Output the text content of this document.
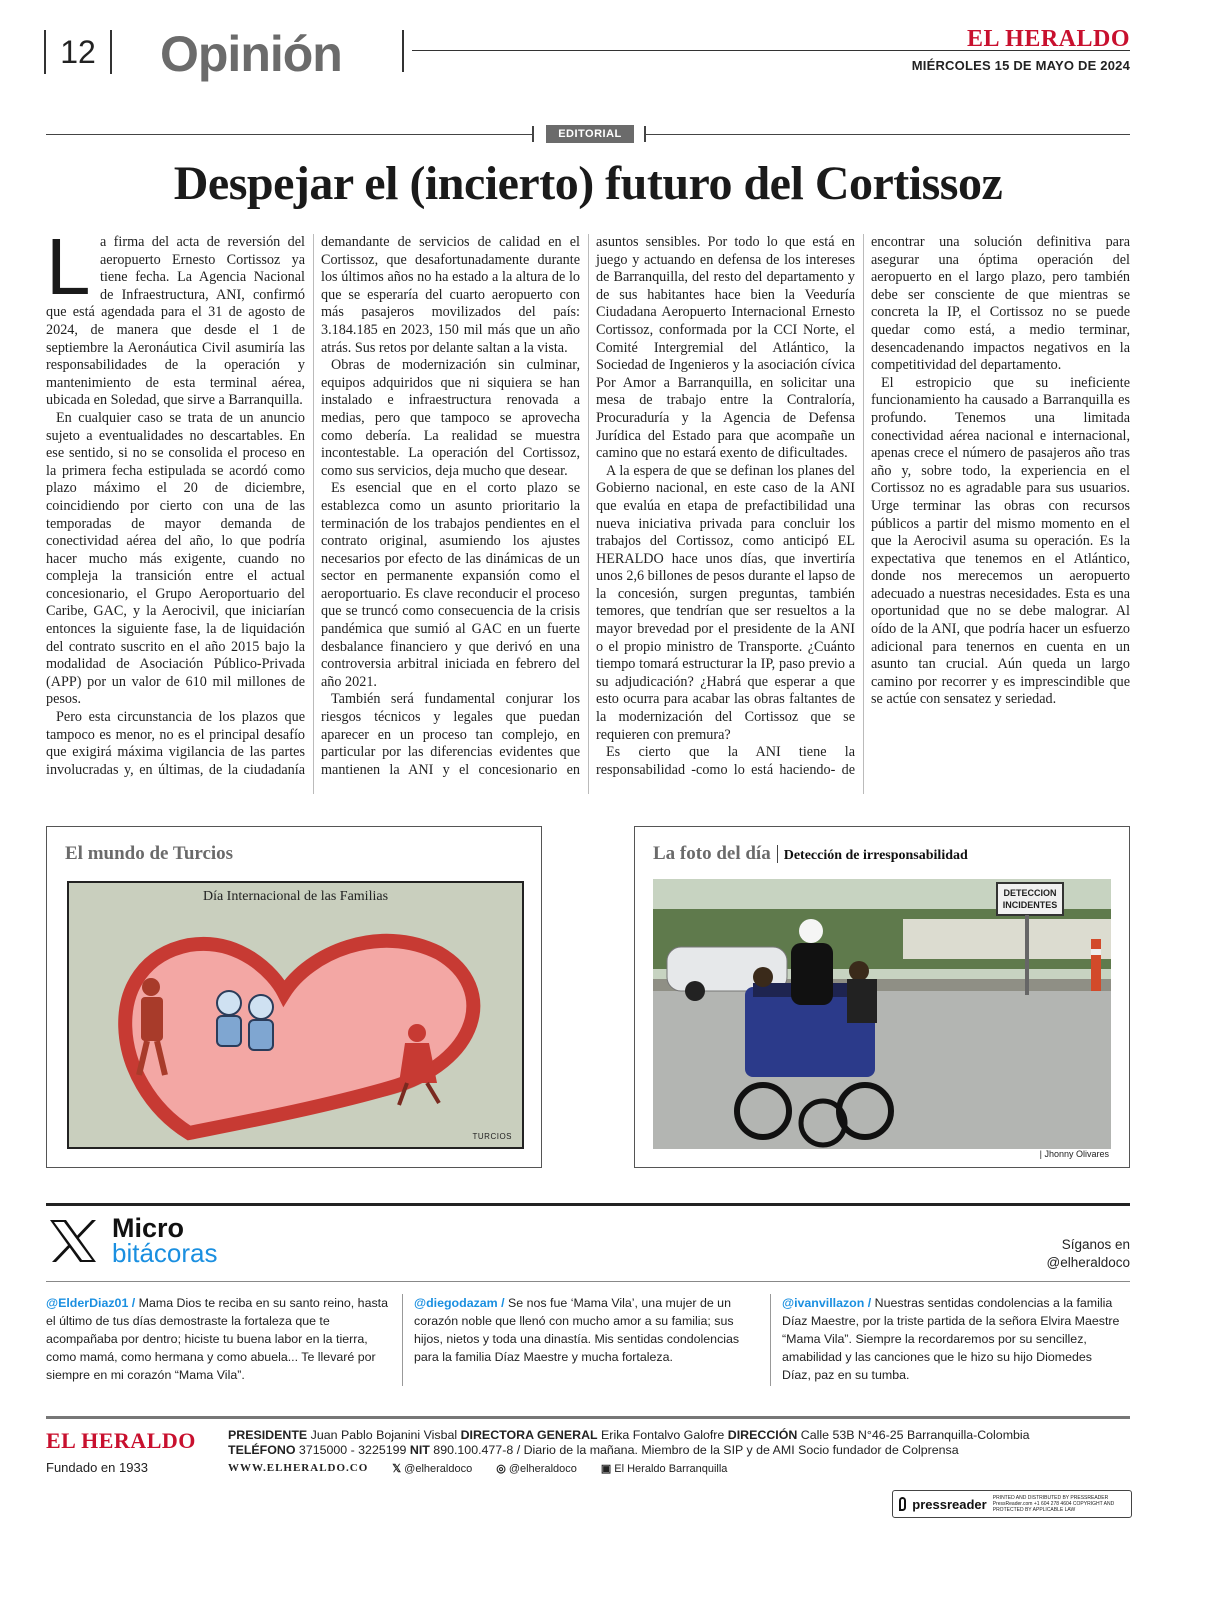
12	Opinión	EL HERALDO
MIÉRCOLES 15 DE MAYO DE 2024
EDITORIAL
Despejar el (incierto) futuro del Cortissoz

La firma del acta de reversión del aeropuerto Ernesto Cortissoz ya tiene fecha. La Agencia Nacional de Infraestructura, ANI, confirmó que está agendada para el 31 de agosto de 2024, de manera que desde el 1 de septiembre la Aeronáutica Civil asumiría las responsabilidades de la operación y mantenimiento de esta terminal aérea, ubicada en Soledad, que sirve a Barranquilla.

En cualquier caso se trata de un anuncio sujeto a eventualidades no descartables. En ese sentido, si no se consolida el proceso en la primera fecha estipulada se acordó como plazo máximo el 20 de diciembre, coincidiendo por cierto con una de las temporadas de mayor demanda de conectividad aérea del año, lo que podría hacer mucho más exigente, cuando no compleja la transición entre el actual concesionario, el Grupo Aeroportuario del Caribe, GAC, y la Aerocivil, que iniciarían entonces la siguiente fase, la de liquidación del contrato suscrito en el año 2015 bajo la modalidad de Asociación Público-Privada (APP) por un valor de 610 mil millones de pesos.

Pero esta circunstancia de los plazos que tampoco es menor, no es el principal desafío que exigirá máxima vigilancia de las partes involucradas y, en últimas, de la ciudadanía demandante de servicios de calidad en el Cortissoz, que desafortunadamente durante los últimos años no ha estado a la altura de lo que se esperaría del cuarto aeropuerto con más pasajeros movilizados del país: 3.184.185 en 2023, 150 mil más que un año atrás. Sus retos por delante saltan a la vista.

Obras de modernización sin culminar, equipos adquiridos que ni siquiera se han instalado e infraestructura renovada a medias, pero que tampoco se aprovecha como debería. La realidad se muestra incontestable. La operación del Cortissoz, como sus servicios, deja mucho que desear.

Es esencial que en el corto plazo se establezca como un asunto prioritario la terminación de los trabajos pendientes en el contrato original, asumiendo los ajustes necesarios por efecto de las dinámicas de un sector en permanente expansión como el aeroportuario. Es clave reconducir el proceso que se truncó como consecuencia de la crisis pandémica que sumió al GAC en un fuerte desbalance financiero y que derivó en una controversia arbitral iniciada en febrero del año 2021.

También será fundamental conjurar los riesgos técnicos y legales que puedan aparecer en un proceso tan complejo, en particular por las diferencias evidentes que mantienen la ANI y el concesionario en asuntos sensibles. Por todo lo que está en juego y actuando en defensa de los intereses de Barranquilla, del resto del departamento y de sus habitantes hace bien la Veeduría Ciudadana Aeropuerto Internacional Ernesto Cortissoz, conformada por la CCI Norte, el Comité Intergremial del Atlántico, la Sociedad de Ingenieros y la asociación cívica Por Amor a Barranquilla, en solicitar una mesa de trabajo entre la Contraloría, Procuraduría y la Agencia de Defensa Jurídica del Estado para que acompañe un camino que no estará exento de dificultades.

A la espera de que se definan los planes del Gobierno nacional, en este caso de la ANI que evalúa en etapa de prefactibilidad una nueva iniciativa privada para concluir los trabajos del Cortissoz, como anticipó EL HERALDO hace unos días, que invertiría unos 2,6 billones de pesos durante el lapso de la concesión, surgen preguntas, también temores, que tendrían que ser resueltos a la mayor brevedad por el presidente de la ANI o el propio ministro de Transporte. ¿Cuánto tiempo tomará estructurar la IP, paso previo a su adjudicación? ¿Habrá que esperar a que esto ocurra para acabar las obras faltantes de la modernización del Cortissoz que se requieren con premura?

Es cierto que la ANI tiene la responsabilidad -como lo está haciendo- de encontrar una solución definitiva para asegurar una óptima operación del aeropuerto en el largo plazo, pero también debe ser consciente de que mientras se concreta la IP, el Cortissoz no se puede quedar como está, a medio terminar, desencadenando impactos negativos en la competitividad del departamento.

El estropicio que su ineficiente funcionamiento ha causado a Barranquilla es profundo. Tenemos una limitada conectividad aérea nacional e internacional, apenas crece el número de pasajeros año tras año y, sobre todo, la experiencia en el Cortissoz no es agradable para sus usuarios. Urge terminar las obras con recursos públicos a partir del mismo momento en el que la Aerocivil asuma su operación. Es la expectativa que tenemos en el Atlántico, donde nos merecemos un aeropuerto adecuado a nuestras necesidades. Esta es una oportunidad que no se debe malograr. Al oído de la ANI, que podría hacer un esfuerzo adicional para tenernos en cuenta en un asunto tan crucial. Aún queda un largo camino por recorrer y es imprescindible que se actúe con sensatez y seriedad.

El mundo de Turcios
Día Internacional de las Familias
TURCIOS
La foto del día Detección de irresponsabilidad
DETECCION
INCIDENTES
| Jhonny Olivares
Micro
bitácoras	Síganos en
@elheraldoco
@ElderDiaz01 / Mama Dios te reciba en su santo reino, hasta el último de tus días demostraste la fortaleza que te acompañaba por dentro; hiciste tu buena labor en la tierra, como mamá, como hermana y como abuela... Te llevaré por siempre en mi corazón “Mama Vila”.
@diegodazam / Se nos fue ‘Mama Vila’, una mujer de un corazón noble que llenó con mucho amor a su familia; sus hijos, nietos y toda una dinastía. Mis sentidas condolencias para la familia Díaz Maestre y mucha fortaleza.
@ivanvillazon / Nuestras sentidas condolencias a la familia Díaz Maestre, por la triste partida de la señora Elvira Maestre “Mama Vila”. Siempre la recordaremos por su sencillez, amabilidad y las canciones que le hizo su hijo Diomedes Díaz, paz en su tumba.
EL HERALDO
Fundado en 1933
PRESIDENTE Juan Pablo Bojanini Visbal DIRECTORA GENERAL Erika Fontalvo Galofre DIRECCIÓN Calle 53B N°46-25 Barranquilla-Colombia
TELÉFONO 3715000 - 3225199 NIT 890.100.477-8 / Diario de la mañana. Miembro de la SIP y de AMI Socio fundador de Colprensa
WWW.ELHERALDO.CO 𝕏 @elheraldoco ◎ @elheraldoco ▣ El Heraldo Barranquilla
pressreader PRINTED AND DISTRIBUTED BY PRESSREADER PressReader.com +1 604 278 4604 COPYRIGHT AND PROTECTED BY APPLICABLE LAW
